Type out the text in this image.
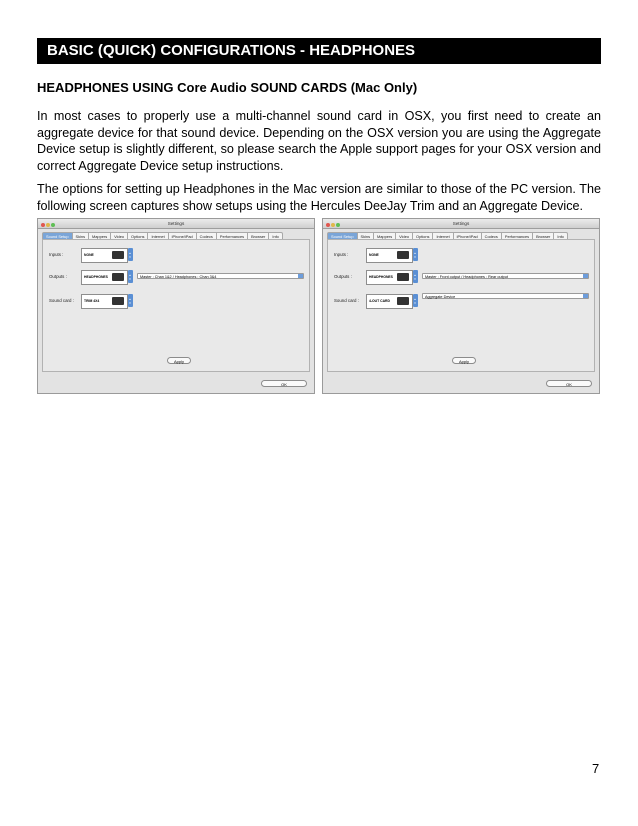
BASIC (QUICK) CONFIGURATIONS - HEADPHONES
HEADPHONES USING Core Audio SOUND CARDS (Mac Only)
In most cases to properly use a multi-channel sound card in OSX, you first need to create an aggregate device for that sound device. Depending on the OSX version you are using the Aggregate Device setup is slightly different, so please search the Apple support pages for your OSX version and correct Aggregate Device setup instructions.
The options for setting up Headphones in the Mac version are similar to those of the PC version. The following screen captures show setups using the Hercules DeeJay Trim and an Aggregate Device.
Settings
Sound Setup	Skins	Mappers	Video	Options	Internet	iPhone/iPad	Codecs	Performances	Browser	Info
Inputs :	NONE
▴▾
Outputs :	HEADPHONES ▴▾	Master : Chan 1&2 / Headphones : Chan 3&4
Sound card :	TRIM 4X4
▴▾
Apply
OK
Settings
Sound Setup	Skins	Mappers	Video	Options	Internet	iPhone/iPad	Codecs	Performances	Browser	Info
Inputs :	NONE
▴▾
Outputs :	HEADPHONES ▴▾	Master : Front output / Headphones : Rear output
Sound card :	4-OUT CARD
▴▾
Aggregate Device
Apply
OK
7
